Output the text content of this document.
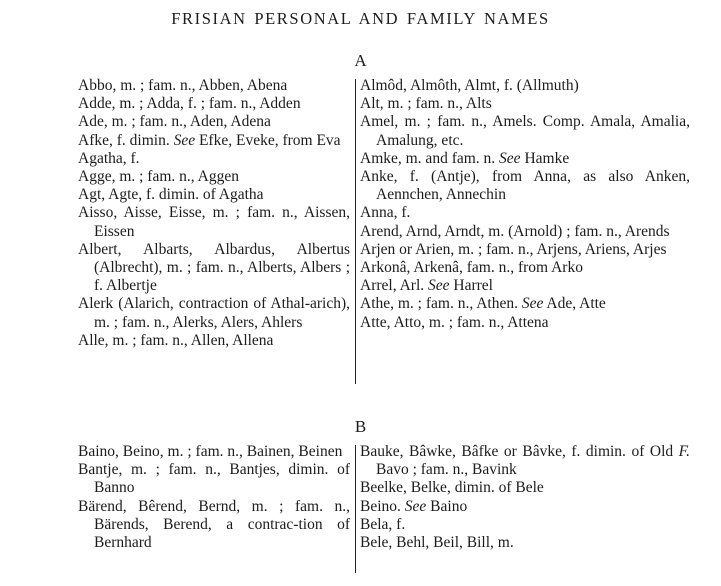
FRISIAN PERSONAL AND FAMILY NAMES
A
Abbo, m. ; fam. n., Abben, Abena
Adde, m. ; Adda, f. ; fam. n., Adden
Ade, m. ; fam. n., Aden, Adena
Afke, f. dimin. See Efke, Eveke, from Eva
Agatha, f.
Agge, m. ; fam. n., Aggen
Agt, Agte, f. dimin. of Agatha
Aisso, Aisse, Eisse, m. ; fam. n., Aissen, Eissen
Albert, Albarts, Albardus, Albertus (Albrecht), m. ; fam. n., Alberts, Albers ; f. Albertje
Alerk (Alarich, contraction of Athal-arich), m. ; fam. n., Alerks, Alers, Ahlers
Alle, m. ; fam. n., Allen, Allena
Almôd, Almôth, Almt, f. (Allmuth)
Alt, m. ; fam. n., Alts
Amel, m. ; fam. n., Amels. Comp. Amala, Amalia, Amalung, etc.
Amke, m. and fam. n. See Hamke
Anke, f. (Antje), from Anna, as also Anken, Aennchen, Annechin
Anna, f.
Arend, Arnd, Arndt, m. (Arnold) ; fam. n., Arends
Arjen or Arien, m. ; fam. n., Arjens, Ariens, Arjes
Arkonâ, Arkenâ, fam. n., from Arko
Arrel, Arl. See Harrel
Athe, m. ; fam. n., Athen. See Ade, Atte
Atte, Atto, m. ; fam. n., Attena
B
Baino, Beino, m. ; fam. n., Bainen, Beinen
Bantje, m. ; fam. n., Bantjes, dimin. of Banno
Bärend, Bêrend, Bernd, m. ; fam. n., Bärends, Berend, a contrac-tion of Bernhard
Bauke, Bâwke, Bâfke or Bâvke, f. dimin. of Old F. Bavo ; fam. n., Bavink
Beelke, Belke, dimin. of Bele
Beino. See Baino
Bela, f.
Bele, Behl, Beil, Bill, m.
